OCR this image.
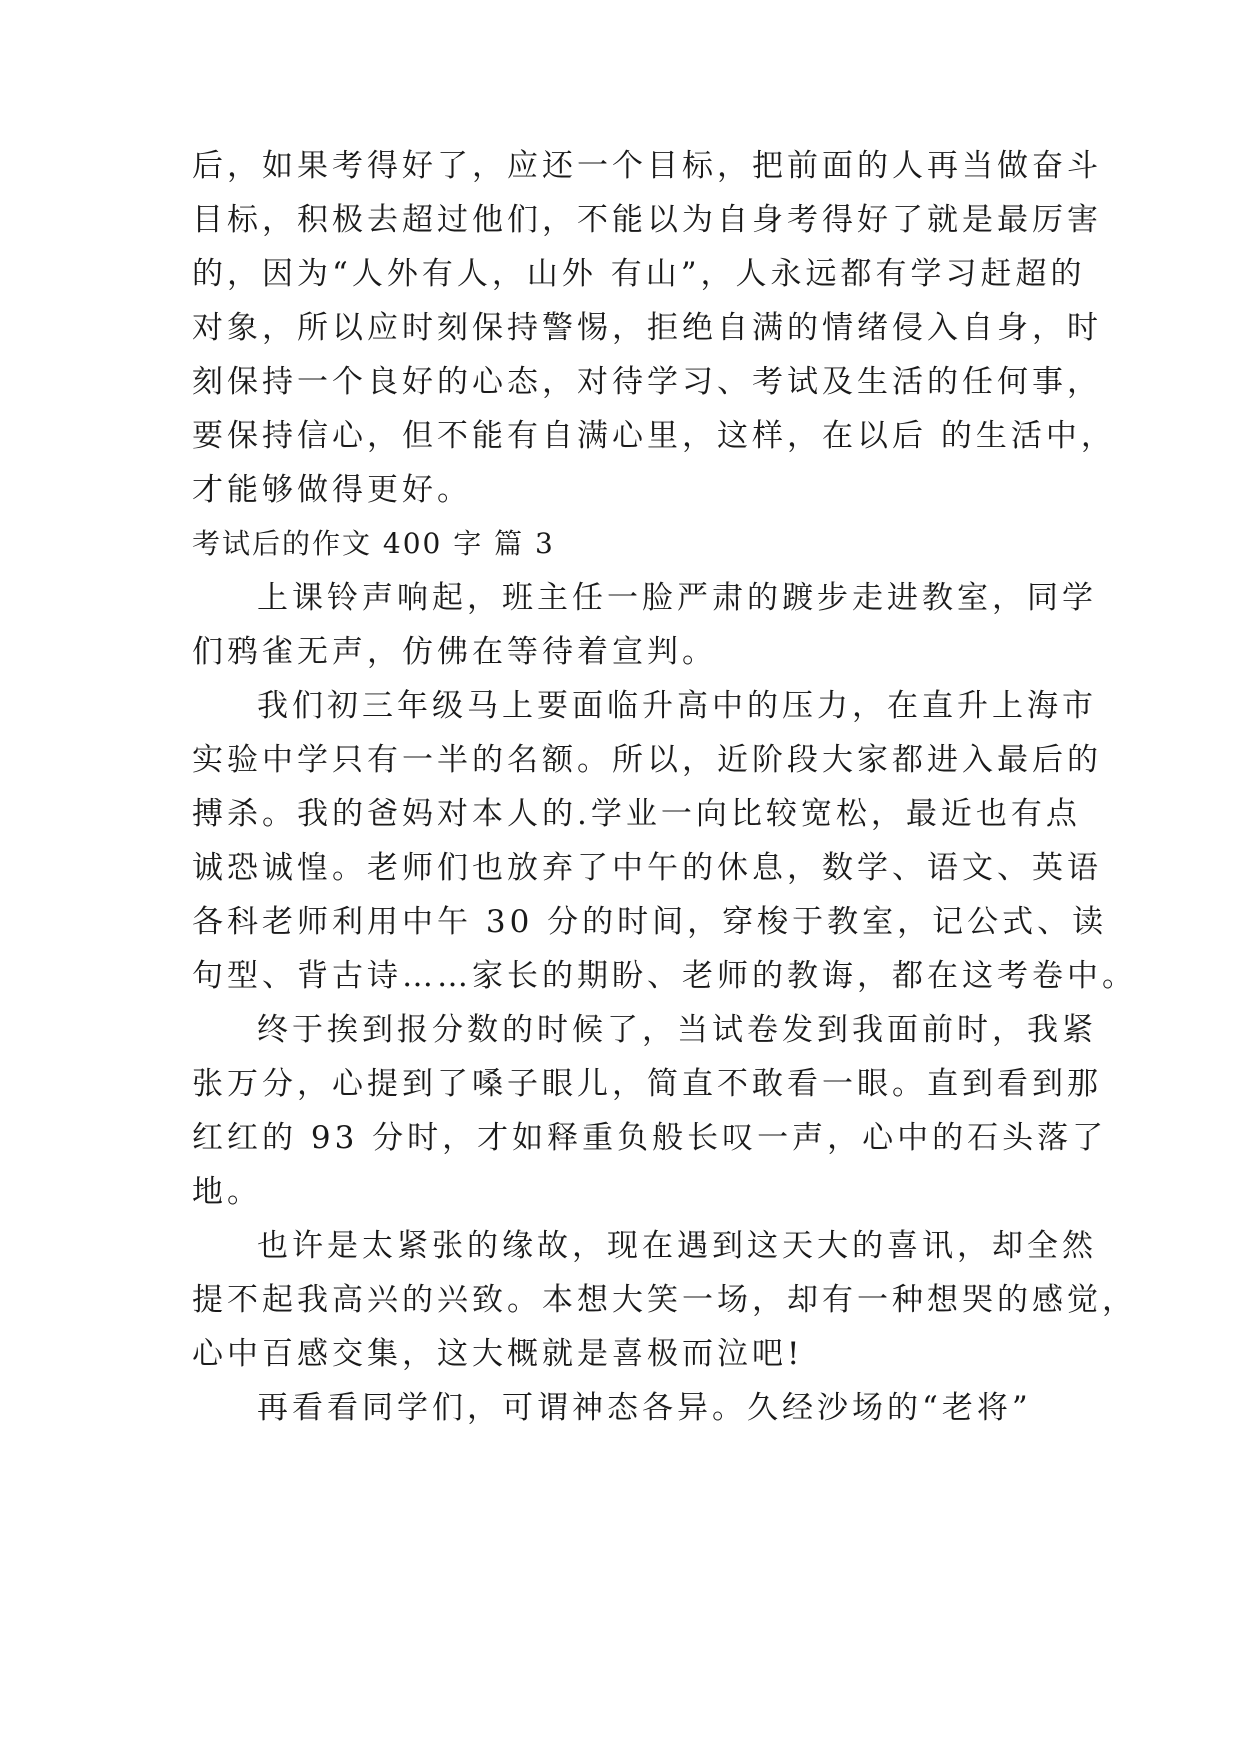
后，如果考得好了，应还一个目标，把前面的人再当做奋斗
目标，积极去超过他们，不能以为自身考得好了就是最厉害
的，因为“人外有人，山外 有山”，人永远都有学习赶超的
对象，所以应时刻保持警惕，拒绝自满的情绪侵入自身，时
刻保持一个良好的心态，对待学习、考试及生活的任何事，
要保持信心，但不能有自满心里，这样，在以后 的生活中，
才能够做得更好。
考试后的作文 400 字 篇 3
上课铃声响起，班主任一脸严肃的踱步走进教室，同学
们鸦雀无声，仿佛在等待着宣判。
我们初三年级马上要面临升高中的压力，在直升上海市
实验中学只有一半的名额。所以，近阶段大家都进入最后的
搏杀。我的爸妈对本人的.学业一向比较宽松，最近也有点
诚恐诚惶。老师们也放弃了中午的休息，数学、语文、英语
各科老师利用中午 30 分的时间，穿梭于教室，记公式、读
句型、背古诗……家长的期盼、老师的教诲，都在这考卷中。
终于挨到报分数的时候了，当试卷发到我面前时，我紧
张万分，心提到了嗓子眼儿，简直不敢看一眼。直到看到那
红红的 93 分时，才如释重负般长叹一声，心中的石头落了
地。
也许是太紧张的缘故，现在遇到这天大的喜讯，却全然
提不起我高兴的兴致。本想大笑一场，却有一种想哭的感觉，
心中百感交集，这大概就是喜极而泣吧!
再看看同学们，可谓神态各异。久经沙场的“老将”
